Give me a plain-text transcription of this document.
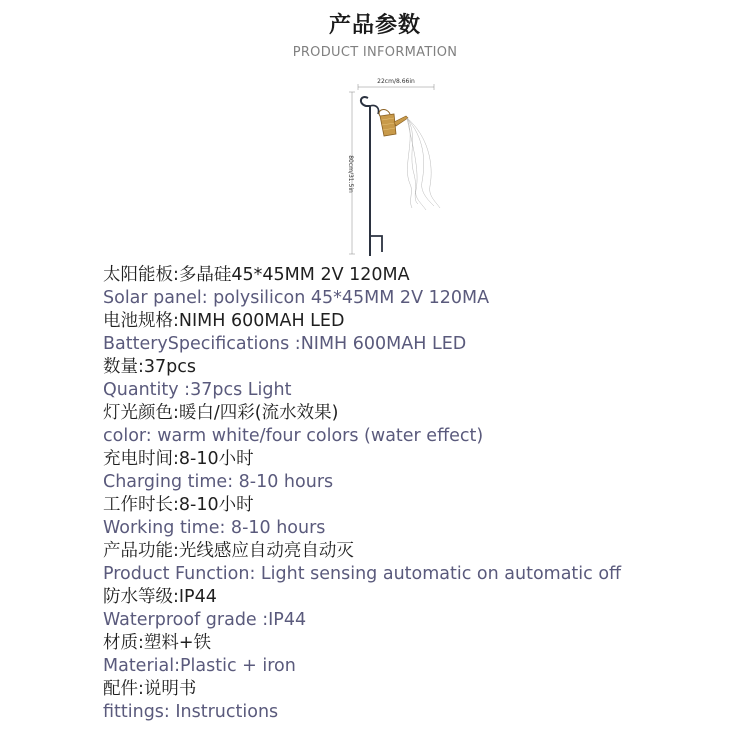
产品参数
PRODUCT INFORMATION
22cm/8.66in
80cm/31.5in
太阳能板:多晶硅45*45MM 2V 120MA
Solar panel: polysilicon 45*45MM 2V 120MA
电池规格:NIMH 600MAH LED
BatterySpecifications :NIMH 600MAH LED
数量:37pcs
Quantity :37pcs Light
灯光颜色:暖白/四彩(流水效果)
color: warm white/four colors (water effect)
充电时间:8-10小时
Charging time: 8-10 hours
工作时长:8-10小时
Working time: 8-10 hours
产品功能:光线感应自动亮自动灭
Product Function: Light sensing automatic on automatic off
防水等级:IP44
Waterproof grade :IP44
材质:塑料+铁
Material:Plastic + iron
配件:说明书
fittings: Instructions
